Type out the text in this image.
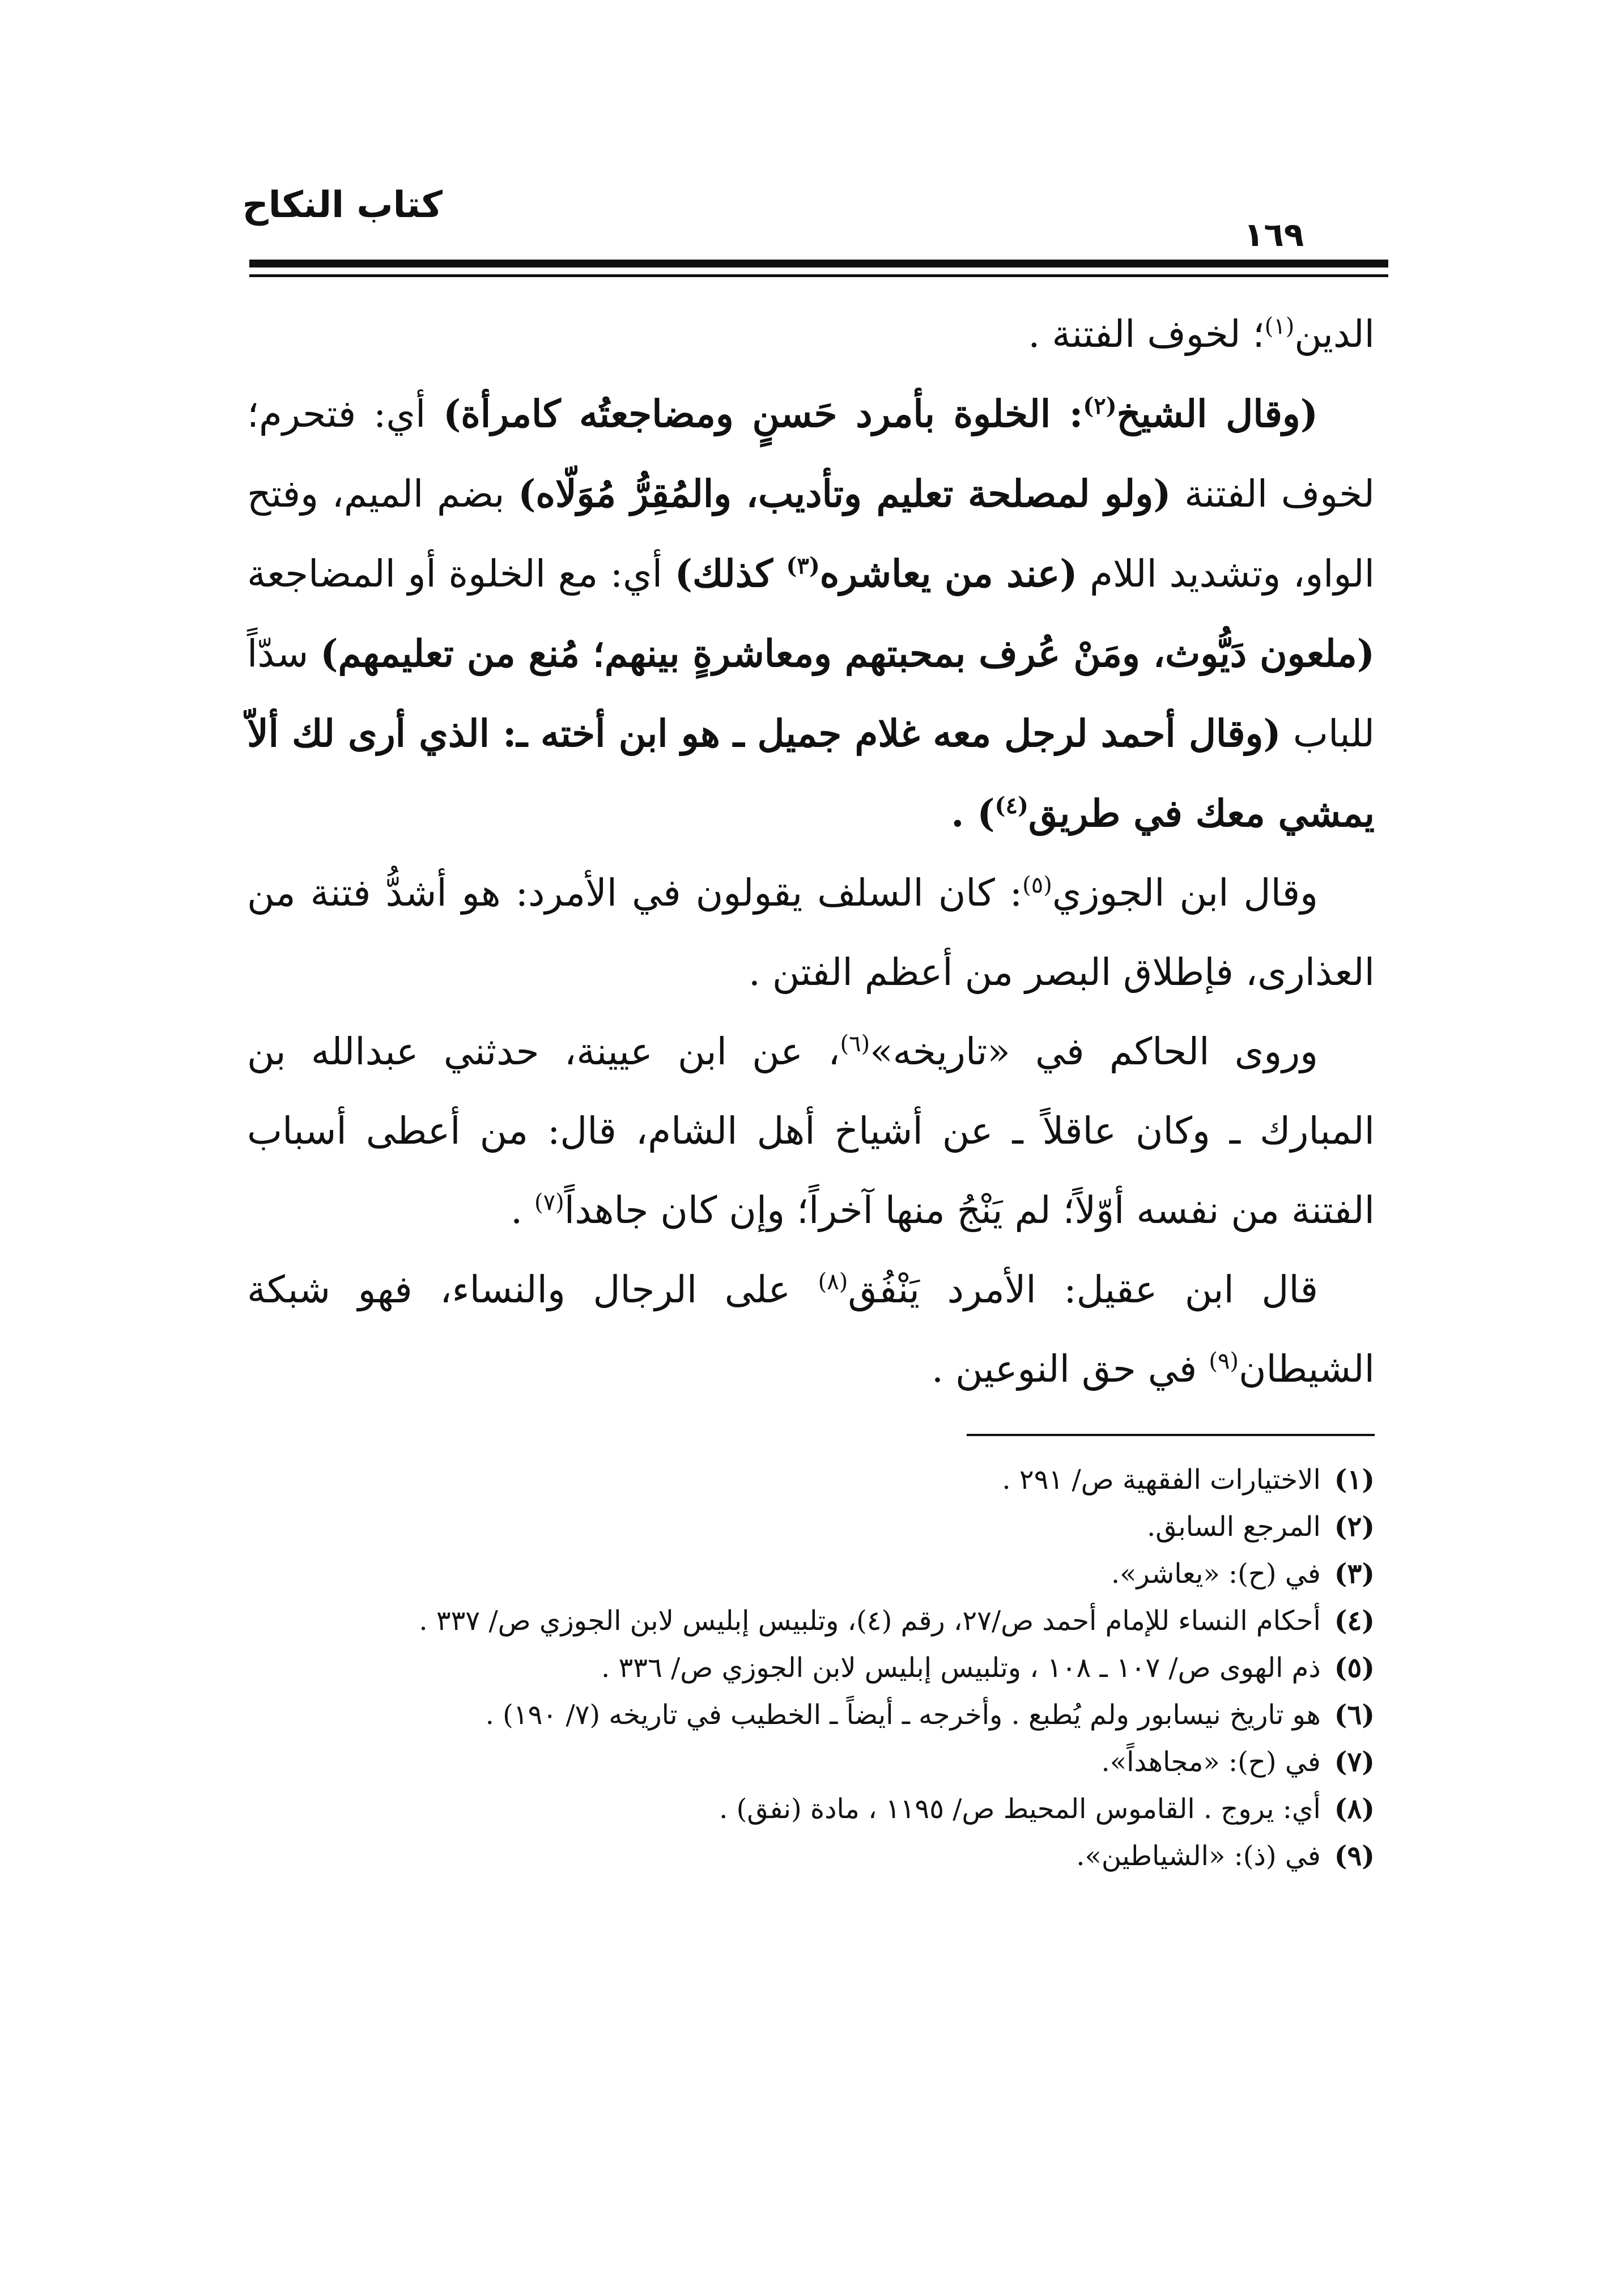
كتاب النكاح
١٦٩

الدين$^{(١)}$؛ لخوف الفتنة .

(وقال الشيخ$^{(٢)}$: الخلوة بأمرد حَسنٍ ومضاجعتُه كامرأة) أي: فتحرم؛ لخوف الفتنة (ولو لمصلحة تعليم وتأديب، والمُقِرُّ مُوَلّاه) بضم الميم، وفتح الواو، وتشديد اللام (عند من يعاشره$^{(٣)}$ كذلك) أي: مع الخلوة أو المضاجعة (ملعون دَيُّوث، ومَنْ عُرف بمحبتهم ومعاشرةٍ بينهم؛ مُنع من تعليمهم) سدّاً للباب (وقال أحمد لرجل معه غلام جميل ـ هو ابن أخته ـ: الذي أرى لك ألاّ يمشي معك في طريق$^{(٤)}$) .

وقال ابن الجوزي$^{(٥)}$: كان السلف يقولون في الأمرد: هو أشدُّ فتنة من العذارى، فإطلاق البصر من أعظم الفتن .

وروى الحاكم في «تاريخه»$^{(٦)}$، عن ابن عيينة، حدثني عبدالله بن المبارك ـ وكان عاقلاً ـ عن أشياخ أهل الشام، قال: من أعطى أسباب الفتنة من نفسه أوّلاً؛ لم يَنْجُ منها آخراً؛ وإن كان جاهداً$^{(٧)}$ .

قال ابن عقيل: الأمرد يَنْفُق$^{(٨)}$ على الرجال والنساء، فهو شبكة الشيطان$^{(٩)}$ في حق النوعين .

(١)
الاختيارات الفقهية ص/ ٢٩١ .

(٢)
المرجع السابق.

(٣)
في (ح): «يعاشر».

(٤)
أحكام النساء للإمام أحمد ص/٢٧، رقم (٤)، وتلبيس إبليس لابن الجوزي ص/ ٣٣٧ .

(٥)
ذم الهوى ص/ ١٠٧ ـ ١٠٨ ، وتلبيس إبليس لابن الجوزي ص/ ٣٣٦ .

(٦)
هو تاريخ نيسابور ولم يُطبع . وأخرجه ـ أيضاً ـ الخطيب في تاريخه (٧/ ١٩٠) .

(٧)
في (ح): «مجاهداً».

(٨)
أي: يروج . القاموس المحيط ص/ ١١٩٥ ، مادة (نفق) .

(٩)
في (ذ): «الشياطين».
